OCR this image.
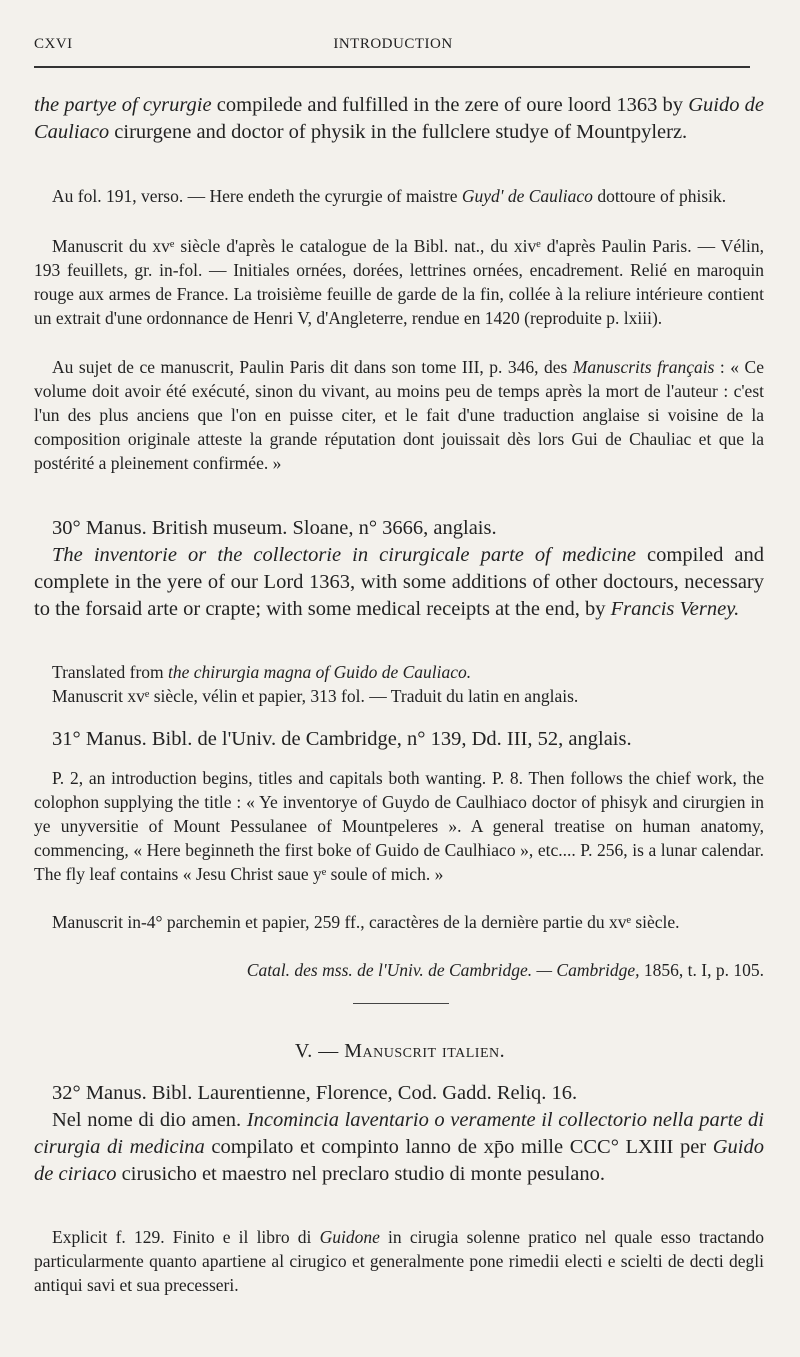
CXVI	INTRODUCTION
the partye of cyrurgie compilede and fulfilled in the zere of oure loord 1363 by Guido de Cauliaco cirurgene and doctor of physik in the fullclere studye of Mountpylerz.
Au fol. 191, verso. — Here endeth the cyrurgie of maistre Guyd' de Cauliaco dottoure of phisik.
Manuscrit du xvᵉ siècle d'après le catalogue de la Bibl. nat., du xivᵉ d'après Paulin Paris. — Vélin, 193 feuillets, gr. in-fol. — Initiales ornées, dorées, lettrines ornées, encadrement. Relié en maroquin rouge aux armes de France. La troisième feuille de garde de la fin, collée à la reliure intérieure contient un extrait d'une ordonnance de Henri V, d'Angleterre, rendue en 1420 (reproduite p. lxiii).
Au sujet de ce manuscrit, Paulin Paris dit dans son tome III, p. 346, des Manuscrits français : « Ce volume doit avoir été exécuté, sinon du vivant, au moins peu de temps après la mort de l'auteur : c'est l'un des plus anciens que l'on en puisse citer, et le fait d'une traduction anglaise si voisine de la composition originale atteste la grande réputation dont jouissait dès lors Gui de Chauliac et que la postérité a pleinement confirmée. »
30° Manus. British museum. Sloane, n° 3666, anglais.
The inventorie or the collectorie in cirurgicale parte of medicine compiled and complete in the yere of our Lord 1363, with some additions of other doctours, necessary to the forsaid arte or crapte; with some medical receipts at the end, by Francis Verney.
Translated from the chirurgia magna of Guido de Cauliaco.
Manuscrit xvᵉ siècle, vélin et papier, 313 fol. — Traduit du latin en anglais.
31° Manus. Bibl. de l'Univ. de Cambridge, n° 139, Dd. III, 52, anglais.
P. 2, an introduction begins, titles and capitals both wanting. P. 8. Then follows the chief work, the colophon supplying the title : « Ye inventorye of Guydo de Caulhiaco doctor of phisyk and cirurgien in ye unyversitie of Mount Pessulanee of Mountpeleres ». A general treatise on human anatomy, commencing, « Here beginneth the first boke of Guido de Caulhiaco », etc.... P. 256, is a lunar calendar. The fly leaf contains « Jesu Christ saue yᵉ soule of mich. »
Manuscrit in-4° parchemin et papier, 259 ff., caractères de la dernière partie du xvᵉ siècle.
Catal. des mss. de l'Univ. de Cambridge. — Cambridge, 1856, t. I, p. 105.
V. — Manuscrit italien.
32° Manus. Bibl. Laurentienne, Florence, Cod. Gadd. Reliq. 16.
Nel nome di dio amen. Incomincia laventario o veramente il collectorio nella parte di cirurgia di medicina compilato et compinto lanno de xp̄o mille CCC° LXIII per Guido de ciriaco cirusicho et maestro nel preclaro studio di monte pesulano.
Explicit f. 129. Finito e il libro di Guidone in cirugia solenne pratico nel quale esso tractando particularmente quanto apartiene al cirugico et generalmente pone rimedii electi e scielti de decti degli antiqui savi et sua precesseri.
